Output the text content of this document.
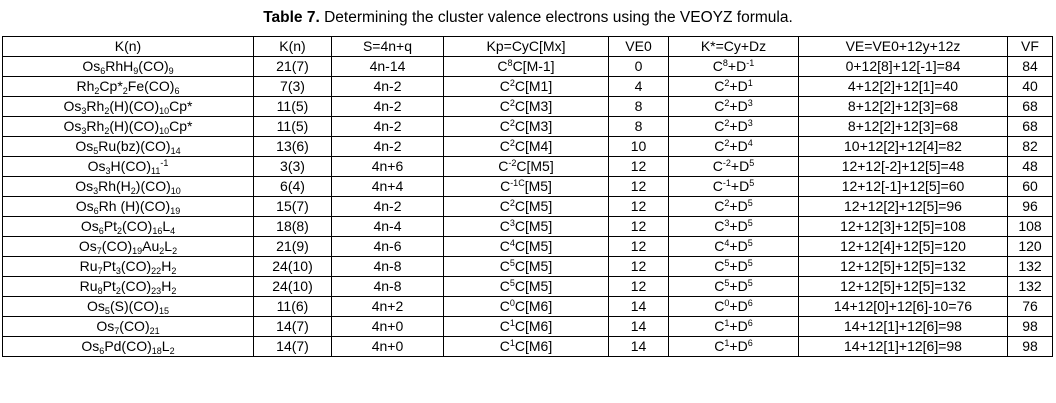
Table 7. Determining the cluster valence electrons using the VEOYZ formula.
K(n)	K(n)	S=4n+q	Kp=CyC[Mx]	VE0	K*=Cy+Dz	VE=VE0+12y+12z	VF
$Os_6RhH_9(CO)_9$	21(7)	4n-14	$C^8C[M-1]$	0	$C^8+D^{-1}$	0+12[8]+12[-1]=84	84
$Rh_2Cp*_2Fe(CO)_6$	7(3)	4n-2	$C^2C[M1]$	4	$C^2+D^1$	4+12[2]+12[1]=40	40
$Os_3Rh_2(H)(CO)_{10}Cp*$	11(5)	4n-2	$C^2C[M3]$	8	$C^2+D^3$	8+12[2]+12[3]=68	68
$Os_3Rh_2(H)(CO)_{10}Cp*$	11(5)	4n-2	$C^2C[M3]$	8	$C^2+D^3$	8+12[2]+12[3]=68	68
$Os_5Ru(bz)(CO)_{14}$	13(6)	4n-2	$C^2C[M4]$	10	$C^2+D^4$	10+12[2]+12[4]=82	82
$Os_3H(CO)_{11}^{-1}$	3(3)	4n+6	$C^{-2}C[M5]$	12	$C^{-2}+D^5$	12+12[-2]+12[5]=48	48
$Os_3Rh(H_2)(CO)_{10}$	6(4)	4n+4	$C^{-1C}[M5]$	12	$C^{-1}+D^5$	12+12[-1]+12[5]=60	60
$Os_6Rh$ $(H)(CO)_{19}$	15(7)	4n-2	$C^2C[M5]$	12	$C^2+D^5$	12+12[2]+12[5]=96	96
$Os_6Pt_2(CO)_{16}L_4$	18(8)	4n-4	$C^3C[M5]$	12	$C^3+D^5$	12+12[3]+12[5]=108	108
$Os_7(CO)_{19}Au_2L_2$	21(9)	4n-6	$C^4C[M5]$	12	$C^4+D^5$	12+12[4]+12[5]=120	120
$Ru_7Pt_3(CO)_{22}H_2$	24(10)	4n-8	$C^5C[M5]$	12	$C^5+D^5$	12+12[5]+12[5]=132	132
$Ru_8Pt_2(CO)_{23}H_2$	24(10)	4n-8	$C^5C[M5]$	12	$C^5+D^5$	12+12[5]+12[5]=132	132
$Os_5(S)(CO)_{15}$	11(6)	4n+2	$C^0C[M6]$	14	$C^0+D^6$	14+12[0]+12[6]-10=76	76
$Os_7(CO)_{21}$	14(7)	4n+0	$C^1C[M6]$	14	$C^1+D^6$	14+12[1]+12[6]=98	98
$Os_6Pd(CO)_{18}L_2$	14(7)	4n+0	$C^1C[M6]$	14	$C^1+D^6$	14+12[1]+12[6]=98	98
